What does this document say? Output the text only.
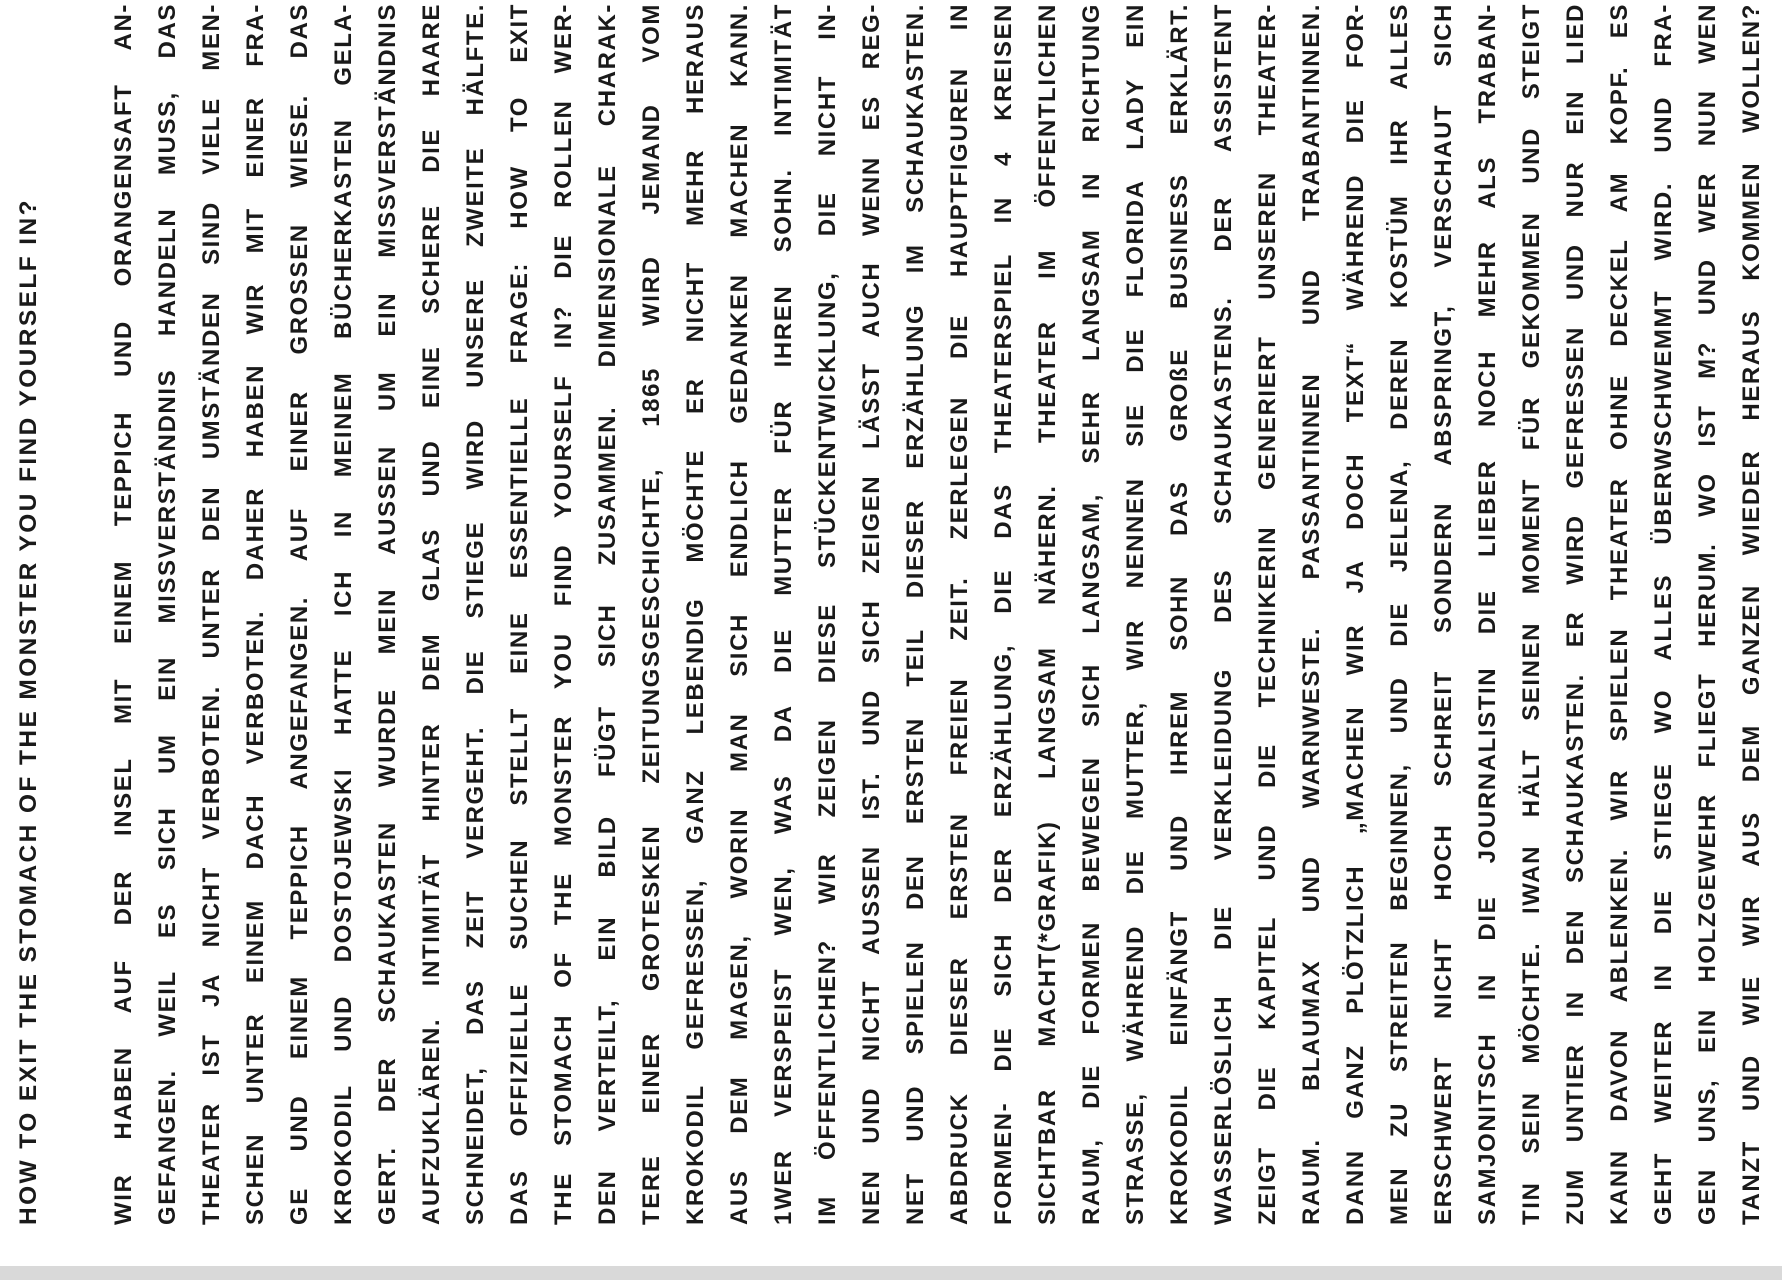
HOW TO EXIT THE STOMACH OF THE MONSTER YOU FIND YOURSELF IN?	WIR HABEN AUF DER INSEL MIT EINEM TEPPICH UND ORANGENSAFT AN- GEFANGEN. WEIL ES SICH UM EIN MISSVERSTÄNDNIS HANDELN MUSS, DAS THEATER IST JA NICHT VERBOTEN. UNTER DEN UMSTÄNDEN SIND VIELE MEN- SCHEN UNTER EINEM DACH VERBOTEN. DAHER HABEN WIR MIT EINER FRA- GE UND EINEM TEPPICH ANGEFANGEN. AUF EINER GROSSEN WIESE. DAS KROKODIL UND DOSTOJEWSKI HATTE ICH IN MEINEM BÜCHERKASTEN GELA- GERT. DER SCHAUKASTEN WURDE MEIN AUSSEN UM EIN MISSVERSTÄNDNIS AUFZUKLÄREN. INTIMITÄT HINTER DEM GLAS UND EINE SCHERE DIE HAARE SCHNEIDET, DAS ZEIT VERGEHT. DIE STIEGE WIRD UNSERE ZWEITE HÄLFTE. DAS OFFIZIELLE SUCHEN STELLT EINE ESSENTIELLE FRAGE: HOW TO EXIT THE STOMACH OF THE MONSTER YOU FIND YOURSELF IN? DIE ROLLEN WER- DEN VERTEILT, EIN BILD FÜGT SICH ZUSAMMEN. DIMENSIONALE CHARAK- TERE EINER GROTESKEN ZEITUNGSGESCHICHTE, 1865 WIRD JEMAND VOM KROKODIL GEFRESSEN, GANZ LEBENDIG MÖCHTE ER NICHT MEHR HERAUS AUS DEM MAGEN, WORIN MAN SICH ENDLICH GEDANKEN MACHEN KANN. 1WER VERSPEIST WEN, WAS DA DIE MUTTER FÜR IHREN SOHN. INTIMITÄT IM ÖFFENTLICHEN? WIR ZEIGEN DIESE STÜCKENTWICKLUNG, DIE NICHT IN- NEN UND NICHT AUSSEN IST. UND SICH ZEIGEN LÄSST AUCH WENN ES REG- NET UND SPIELEN DEN ERSTEN TEIL DIESER ERZÄHLUNG IM SCHAUKASTEN. ABDRUCK DIESER ERSTEN FREIEN ZEIT. ZERLEGEN DIE HAUPTFIGUREN IN FORMEN- DIE SICH DER ERZÄHLUNG, DIE DAS THEATERSPIEL IN 4 KREISEN SICHTBAR MACHT(*GRAFIK) LANGSAM NÄHERN. THEATER IM ÖFFENTLICHEN RAUM, DIE FORMEN BEWEGEN SICH LANGSAM, SEHR LANGSAM IN RICHTUNG STRASSE, WÄHREND DIE MUTTER, WIR NENNEN SIE DIE FLORIDA LADY EIN KROKODIL EINFÄNGT UND IHREM SOHN DAS GROßE BUSINESS ERKLÄRT. WASSERLÖSLICH DIE VERKLEIDUNG DES SCHAUKASTENS. DER ASSISTENT ZEIGT DIE KAPITEL UND DIE TECHNIKERIN GENERIERT UNSEREN THEATER- RAUM. BLAUMAX UND WARNWESTE. PASSANTINNEN UND TRABANTINNEN. DANN GANZ PLÖTZLICH „MACHEN WIR JA DOCH TEXT“ WÄHREND DIE FOR- MEN ZU STREITEN BEGINNEN, UND DIE JELENA, DEREN KOSTÜM IHR ALLES ERSCHWERT NICHT HOCH SCHREIT SONDERN ABSPRINGT, VERSCHAUT SICH SAMJONITSCH IN DIE JOURNALISTIN DIE LIEBER NOCH MEHR ALS TRABAN- TIN SEIN MÖCHTE. IWAN HÄLT SEINEN MOMENT FÜR GEKOMMEN UND STEIGT ZUM UNTIER IN DEN SCHAUKASTEN. ER WIRD GEFRESSEN UND NUR EIN LIED KANN DAVON ABLENKEN. WIR SPIELEN THEATER OHNE DECKEL AM KOPF. ES GEHT WEITER IN DIE STIEGE WO ALLES ÜBERWSCHWEMMT WIRD. UND FRA- GEN UNS, EIN HOLZGEWEHR FLIEGT HERUM. WO IST M? UND WER NUN WEN TANZT UND WIE WIR AUS DEM GANZEN WIEDER HERAUS KOMMEN WOLLEN?
